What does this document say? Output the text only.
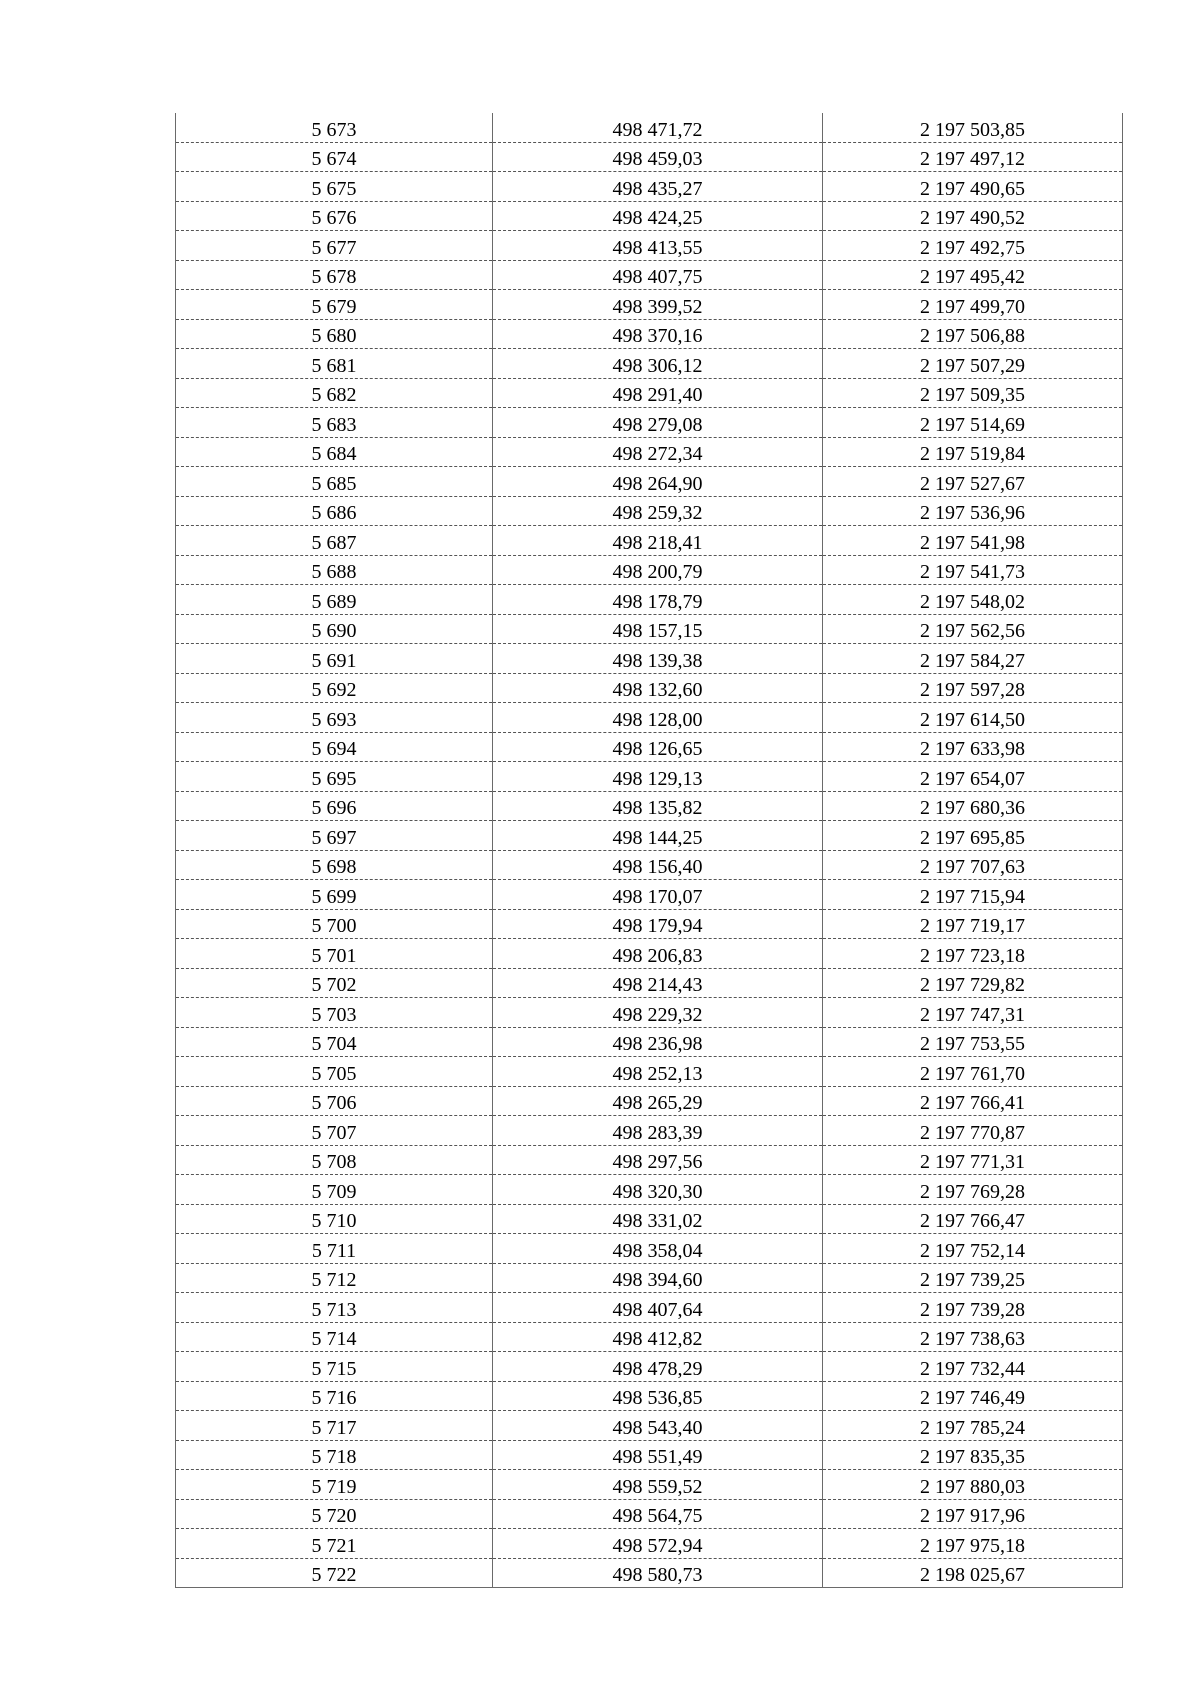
5 673	498 471,72	2 197 503,85
5 674	498 459,03	2 197 497,12
5 675	498 435,27	2 197 490,65
5 676	498 424,25	2 197 490,52
5 677	498 413,55	2 197 492,75
5 678	498 407,75	2 197 495,42
5 679	498 399,52	2 197 499,70
5 680	498 370,16	2 197 506,88
5 681	498 306,12	2 197 507,29
5 682	498 291,40	2 197 509,35
5 683	498 279,08	2 197 514,69
5 684	498 272,34	2 197 519,84
5 685	498 264,90	2 197 527,67
5 686	498 259,32	2 197 536,96
5 687	498 218,41	2 197 541,98
5 688	498 200,79	2 197 541,73
5 689	498 178,79	2 197 548,02
5 690	498 157,15	2 197 562,56
5 691	498 139,38	2 197 584,27
5 692	498 132,60	2 197 597,28
5 693	498 128,00	2 197 614,50
5 694	498 126,65	2 197 633,98
5 695	498 129,13	2 197 654,07
5 696	498 135,82	2 197 680,36
5 697	498 144,25	2 197 695,85
5 698	498 156,40	2 197 707,63
5 699	498 170,07	2 197 715,94
5 700	498 179,94	2 197 719,17
5 701	498 206,83	2 197 723,18
5 702	498 214,43	2 197 729,82
5 703	498 229,32	2 197 747,31
5 704	498 236,98	2 197 753,55
5 705	498 252,13	2 197 761,70
5 706	498 265,29	2 197 766,41
5 707	498 283,39	2 197 770,87
5 708	498 297,56	2 197 771,31
5 709	498 320,30	2 197 769,28
5 710	498 331,02	2 197 766,47
5 711	498 358,04	2 197 752,14
5 712	498 394,60	2 197 739,25
5 713	498 407,64	2 197 739,28
5 714	498 412,82	2 197 738,63
5 715	498 478,29	2 197 732,44
5 716	498 536,85	2 197 746,49
5 717	498 543,40	2 197 785,24
5 718	498 551,49	2 197 835,35
5 719	498 559,52	2 197 880,03
5 720	498 564,75	2 197 917,96
5 721	498 572,94	2 197 975,18
5 722	498 580,73	2 198 025,67
